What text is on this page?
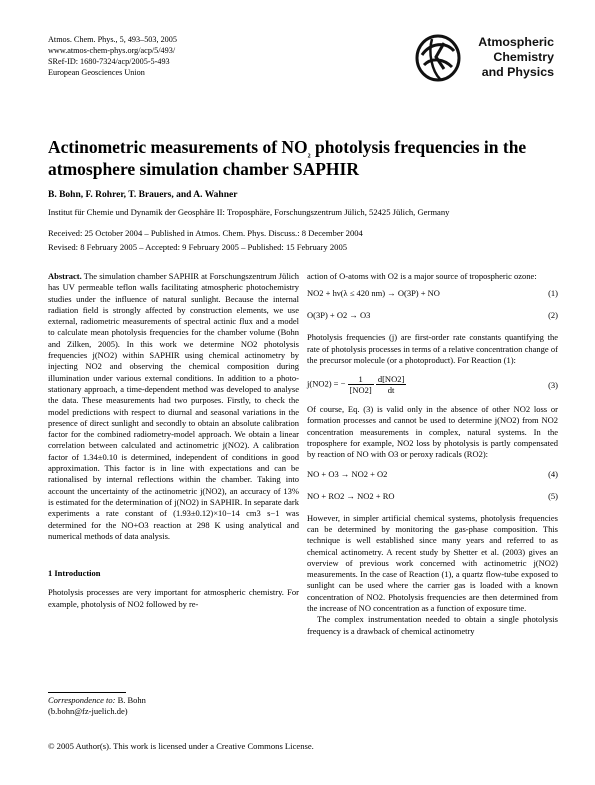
Atmos. Chem. Phys., 5, 493–503, 2005
www.atmos-chem-phys.org/acp/5/493/
SRef-ID: 1680-7324/acp/2005-5-493
European Geosciences Union
Atmospheric
Chemistry
and Physics
Actinometric measurements of $NO_2$ photolysis frequencies in the
atmosphere simulation chamber SAPHIR
B. Bohn, F. Rohrer, T. Brauers, and A. Wahner
Institut für Chemie und Dynamik der Geosphäre II: Troposphäre, Forschungszentrum Jülich, 52425 Jülich, Germany
Received: 25 October 2004 – Published in Atmos. Chem. Phys. Discuss.: 8 December 2004
Revised: 8 February 2005 – Accepted: 9 February 2005 – Published: 15 February 2005

Abstract. The simulation chamber SAPHIR at Forschungszentrum Jülich has UV permeable teflon walls facilitating atmospheric photochemistry studies under the influence of natural sunlight. Because the internal radiation field is strongly affected by construction elements, we use external, radiometric measurements of spectral actinic flux and a model to calculate mean photolysis frequencies for the chamber volume (Bohn and Zilken, 2005). In this work we determine NO2 photolysis frequencies j(NO2) within SAPHIR using chemical actinometry by injecting NO2 and observing the chemical composition during illumination under various external conditions. In addition to a photo-stationary approach, a time-dependent method was developed to analyse the data. These measurements had two purposes. Firstly, to check the model predictions with respect to diurnal and seasonal variations in the presence of direct sunlight and secondly to obtain an absolute calibration factor for the combined radiometry-model approach. We obtain a linear correlation between calculated and actinometric j(NO2). A calibration factor of 1.34±0.10 is determined, independent of conditions in good approximation. This factor is in line with expectations and can be rationalised by internal reflections within the chamber. Taking into account the uncertainty of the actinometric j(NO2), an accuracy of 13% is estimated for the determination of j(NO2) in SAPHIR. In separate dark experiments a rate constant of (1.93±0.12)×10−14 cm3 s−1 was determined for the NO+O3 reaction at 298 K using analytical and numerical methods of data analysis.

1 Introduction

Photolysis processes are very important for atmospheric chemistry. For example, photolysis of NO2 followed by re-

Correspondence to: B. Bohn
(b.bohn@fz-juelich.de)

action of O-atoms with O2 is a major source of tropospheric ozone:

NO2 + hν(λ ≤ 420 nm) → O(3P) + NO	(1)
O(3P) + O2 → O3	(2)

Photolysis frequencies (j) are first-order rate constants quantifying the rate of photolysis processes in terms of a relative concentration change of the precursor molecule (or a photoproduct). For Reaction (1):

j(NO2) = − $\frac{1}{[NO2]}$
$\frac{d[NO2]}{dt}$	(3)

Of course, Eq. (3) is valid only in the absence of other NO2 loss or formation processes and cannot be used to determine j(NO2) from NO2 concentration measurements in complex, natural systems. In the troposphere for example, NO2 loss by photolysis is partly compensated by reaction of NO with O3 or peroxy radicals (RO2):

NO + O3 → NO2 + O2	(4)
NO + RO2 → NO2 + RO	(5)

However, in simpler artificial chemical systems, photolysis frequencies can be determined by monitoring the gas-phase composition. This technique is well established since many years and referred to as chemical actinometry. A recent study by Shetter et al. (2003) gives an overview of previous work concerned with actinometric j(NO2) measurements. In the case of Reaction (1), a quartz flow-tube exposed to sunlight can be used where the carrier gas is loaded with a known concentration of NO2. Photolysis frequencies are then determined from the increase of NO concentration as a function of exposure time.

The complex instrumentation needed to obtain a single photolysis frequency is a drawback of chemical actinometry

© 2005 Author(s). This work is licensed under a Creative Commons License.
